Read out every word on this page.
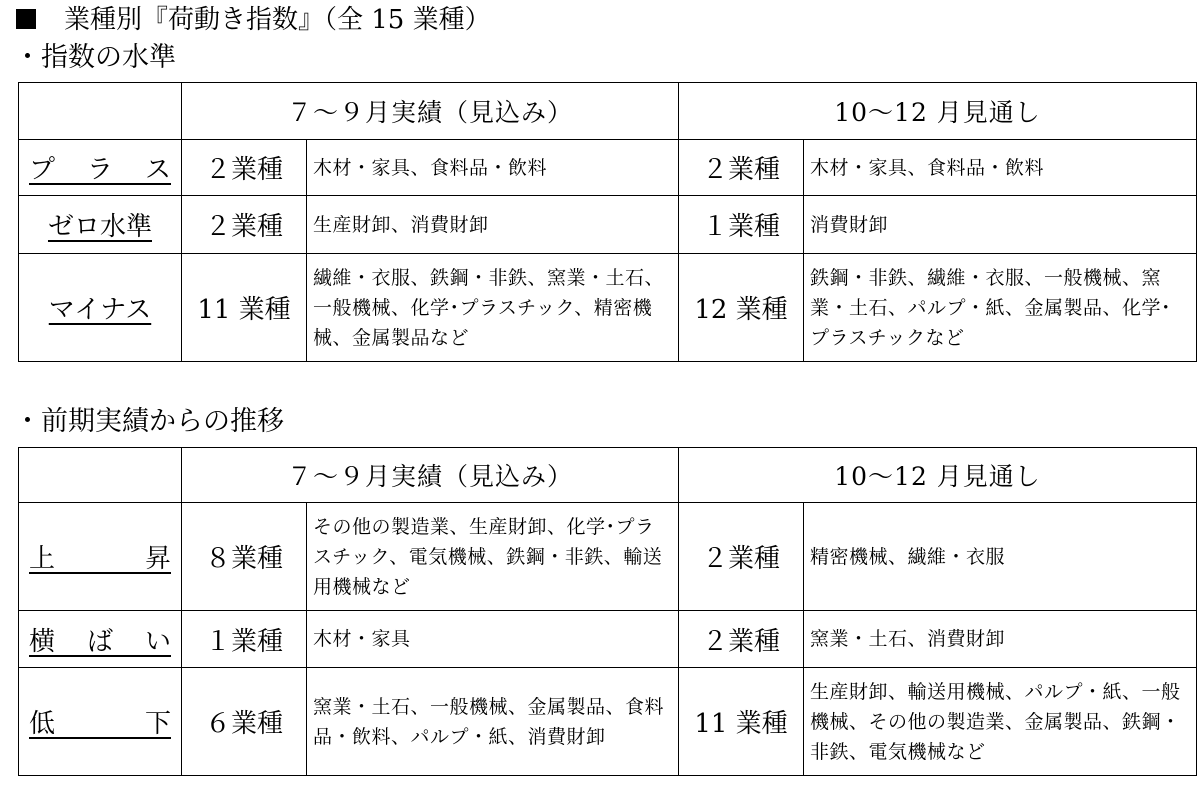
業種別『荷動き指数』（全 15 業種）
・指数の水準
	７～９月実績（見込み）		10～12 月見通し	

プ ラ ス	２業種	木材・家具、食料品・飲料	２業種	木材・家具、食料品・飲料
ゼロ水準	２業種	生産財卸、消費財卸	１業種	消費財卸
マイナス	11 業種	繊維・衣服、鉄鋼・非鉄、窯業・土石、一般機械、化学･プラスチック、精密機械、金属製品など	12 業種	鉄鋼・非鉄、繊維・衣服、一般機械、窯業・土石、パルプ・紙、金属製品、化学･プラスチックなど
・前期実績からの推移
	７～９月実績（見込み）		10～12 月見通し	

上 昇	８業種	その他の製造業、生産財卸、化学･プラスチック、電気機械、鉄鋼・非鉄、輸送用機械など	２業種	精密機械、繊維・衣服

横ばい	１業種	木材・家具	２業種	窯業・土石、消費財卸

低 下	６業種	窯業・土石、一般機械、金属製品、食料品・飲料、パルプ・紙、消費財卸	11 業種	生産財卸、輸送用機械、パルプ・紙、一般機械、その他の製造業、金属製品、鉄鋼・非鉄、電気機械など
